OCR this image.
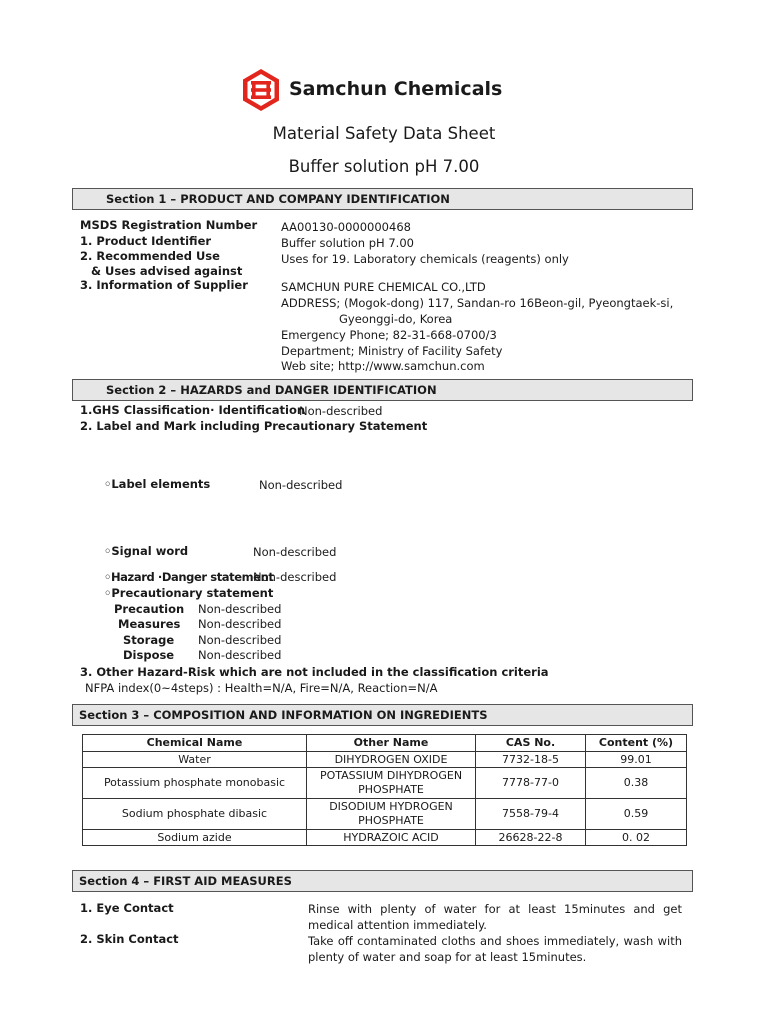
Samchun Chemicals
Material Safety Data Sheet
Buffer solution pH 7.00
Section 1 – PRODUCT AND COMPANY IDENTIFICATION
MSDS Registration Number AA00130-0000000468
1. Product Identifier	Buffer solution pH 7.00
2. Recommended Use
& Uses advised against
Uses for 19. Laboratory chemicals (reagents) only
3. Information of Supplier	SAMCHUN PURE CHEMICAL CO.,LTD
ADDRESS; (Mogok-dong) 117, Sandan-ro 16Beon-gil, Pyeongtaek-si,
Gyeonggi-do, Korea
Emergency Phone; 82-31-668-0700/3
Department; Ministry of Facility Safety
Web site; http://www.samchun.com
Section 2 – HAZARDS and DANGER IDENTIFICATION
1.GHS Classification· Identification
Non-described
2. Label and Mark including Precautionary Statement
◦Label elements	Non-described
◦Signal word	Non-described
◦Hazard ·Danger statement
Non-described
◦Precautionary statement
Precaution Non-described
Measures Non-described
Storage Non-described
Dispose Non-described
3. Other Hazard-Risk which are not included in the classification criteria
NFPA index(0~4steps) : Health=N/A, Fire=N/A, Reaction=N/A
Section 3 – COMPOSITION AND INFORMATION ON INGREDIENTS
Chemical Name	Other Name	CAS No.	Content (%)
Water	DIHYDROGEN OXIDE	7732-18-5	99.01
Potassium phosphate monobasic	POTASSIUM DIHYDROGEN PHOSPHATE	7778-77-0	0.38
Sodium phosphate dibasic	DISODIUM HYDROGEN PHOSPHATE	7558-79-4	0.59
Sodium azide	HYDRAZOIC ACID	26628-22-8	0. 02
Section 4 – FIRST AID MEASURES
1. Eye Contact	Rinse with plenty of water for at least 15minutes and get medical attention immediately.
2. Skin Contact	Take off contaminated cloths and shoes immediately, wash with plenty of water and soap for at least 15minutes.
